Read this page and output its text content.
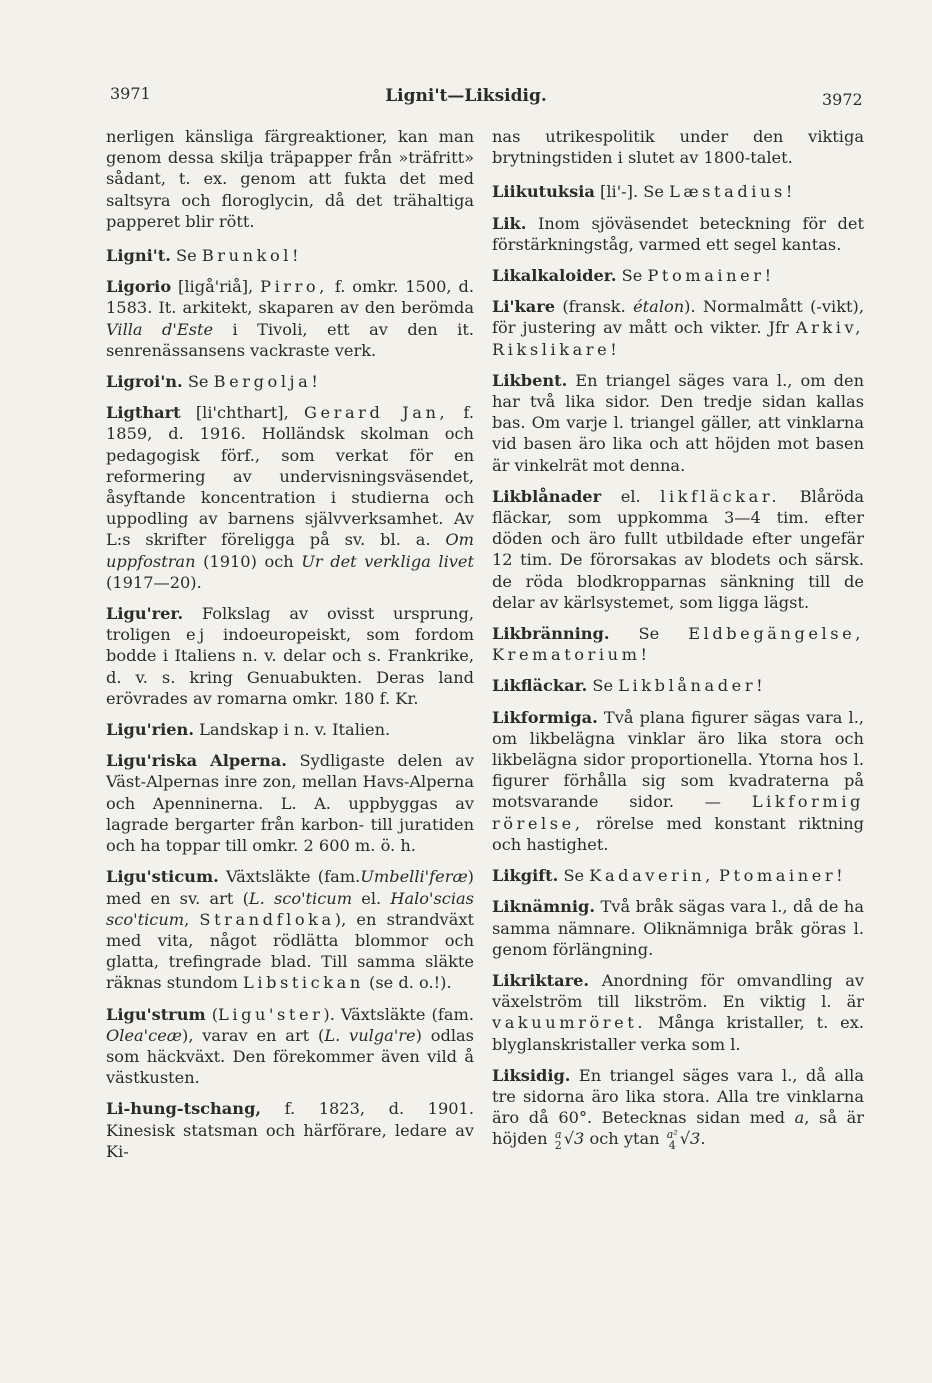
3971	Ligni't—Liksidig.	3972

nerligen känsliga färgreaktioner, kan man genom dessa skilja träpapper från »träfritt» sådant, t. ex. genom att fukta det med saltsyra och floroglycin, då det trähaltiga papperet blir rött.

Ligni't. Se Brunkol!

Ligorio [ligå'riå], Pirro, f. omkr. 1500, d. 1583. It. arkitekt, skaparen av den berömda Villa d'Este i Tivoli, ett av den it. senrenässansens vackraste verk.

Ligroi'n. Se Bergolja!

Ligthart [li'chthart], Gerard Jan, f. 1859, d. 1916. Holländsk skolman och pedagogisk förf., som verkat för en reformering av undervisningsväsendet, åsyftande koncentration i studierna och uppodling av barnens självverksamhet. Av L:s skrifter föreligga på sv. bl. a. Om uppfostran (1910) och Ur det verkliga livet (1917—20).

Ligu'rer. Folkslag av ovisst ursprung, troligen ej indoeuropeiskt, som fordom bodde i Italiens n. v. delar och s. Frankrike, d. v. s. kring Genuabukten. Deras land erövrades av romarna omkr. 180 f. Kr.

Ligu'rien. Landskap i n. v. Italien.

Ligu'riska Alperna. Sydligaste delen av Väst-Alpernas inre zon, mellan Havs-Alperna och Apenninerna. L. A. uppbyggas av lagrade bergarter från karbon- till juratiden och ha toppar till omkr. 2 600 m. ö. h.

Ligu'sticum. Växtsläkte (fam.Umbelli'feræ) med en sv. art (L. sco'ticum el. Halo'scias sco'ticum, Strandfloka), en strandväxt med vita, något rödlätta blommor och glatta, trefingrade blad. Till samma släkte räknas stundom Libstickan (se d. o.!).

Ligu'strum (Ligu'ster). Växtsläkte (fam. Olea'ceæ), varav en art (L. vulga're) odlas som häckväxt. Den förekommer även vild å västkusten.

Li-hung-tschang, f. 1823, d. 1901. Kinesisk statsman och härförare, ledare av Ki-

nas utrikespolitik under den viktiga brytningstiden i slutet av 1800-talet.

Liikutuksia [li'-]. Se Læstadius!

Lik. Inom sjöväsendet beteckning för det förstärkningståg, varmed ett segel kantas.

Likalkaloider. Se Ptomainer!

Li'kare (fransk. étalon). Normalmått (-vikt), för justering av mått och vikter. Jfr Arkiv, Rikslikare!

Likbent. En triangel säges vara l., om den har två lika sidor. Den tredje sidan kallas bas. Om varje l. triangel gäller, att vinklarna vid basen äro lika och att höjden mot basen är vinkelrät mot denna.

Likblånader el. likfläckar. Blåröda fläckar, som uppkomma 3—4 tim. efter döden och äro fullt utbildade efter ungefär 12 tim. De förorsakas av blodets och särsk. de röda blodkropparnas sänkning till de delar av kärlsystemet, som ligga lägst.

Likbränning. Se Eldbegängelse, Krematorium!

Likfläckar. Se Likblånader!

Likformiga. Två plana figurer sägas vara l., om likbelägna vinklar äro lika stora och likbelägna sidor proportionella. Ytorna hos l. figurer förhålla sig som kvadraterna på motsvarande sidor. — Likformig rörelse, rörelse med konstant riktning och hastighet.

Likgift. Se Kadaverin, Ptomainer!

Liknämnig. Två bråk sägas vara l., då de ha samma nämnare. Oliknämniga bråk göras l. genom förlängning.

Likriktare. Anordning för omvandling av växelström till likström. En viktig l. är vakuumröret. Många kristaller, t. ex. blyglanskristaller verka som l.

Liksidig. En triangel säges vara l., då alla tre sidorna äro lika stora. Alla tre vinklarna äro då 60°. Betecknas sidan med a, så är höjden a
2 √3 och ytan a²
4 √3.
